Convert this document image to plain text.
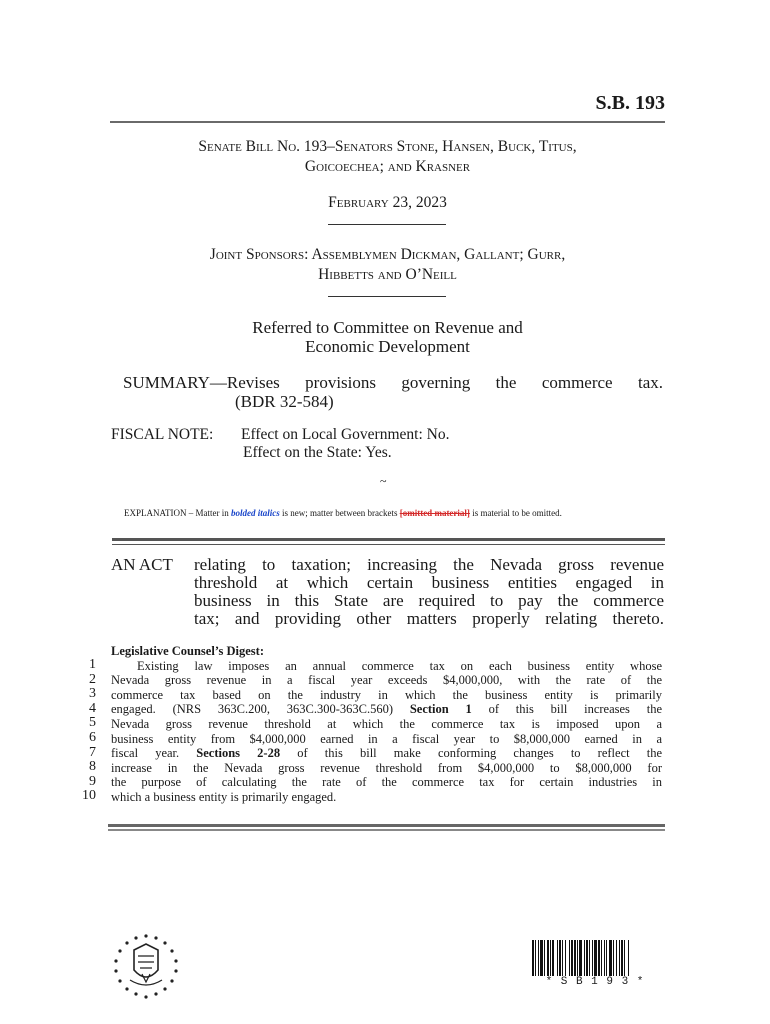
S.B. 193
Senate Bill No. 193–Senators Stone, Hansen, Buck, Titus,
Goicoechea; and Krasner
February 23, 2023
Joint Sponsors: Assemblymen Dickman, Gallant; Gurr,
Hibbetts and O’Neill
Referred to Committee on Revenue and
Economic Development
SUMMARY—Revises provisions governing the commerce tax.
(BDR 32-584)
FISCAL NOTE: Effect on Local Government: No.
Effect on the State: Yes.
~
EXPLANATION – Matter in bolded italics is new; matter between brackets [omitted material] is material to be omitted.
AN ACT	relating to taxation; increasing the Nevada gross revenue
threshold at which certain business entities engaged in
business in this State are required to pay the commerce
tax; and providing other matters properly relating thereto.
1
2
3
4
5
6
7
8
9
10
Legislative Counsel’s Digest:
Existing law imposes an annual commerce tax on each business entity whose
Nevada gross revenue in a fiscal year exceeds $4,000,000, with the rate of the
commerce tax based on the industry in which the business entity is primarily
engaged. (NRS 363C.200, 363C.300-363C.560) Section 1 of this bill increases the
Nevada gross revenue threshold at which the commerce tax is imposed upon a
business entity from $4,000,000 earned in a fiscal year to $8,000,000 earned in a
fiscal year. Sections 2-28 of this bill make conforming changes to reflect the
increase in the Nevada gross revenue threshold from $4,000,000 to $8,000,000 for
the purpose of calculating the rate of the commerce tax for certain industries in
which a business entity is primarily engaged.
* S B 1 9 3 *
